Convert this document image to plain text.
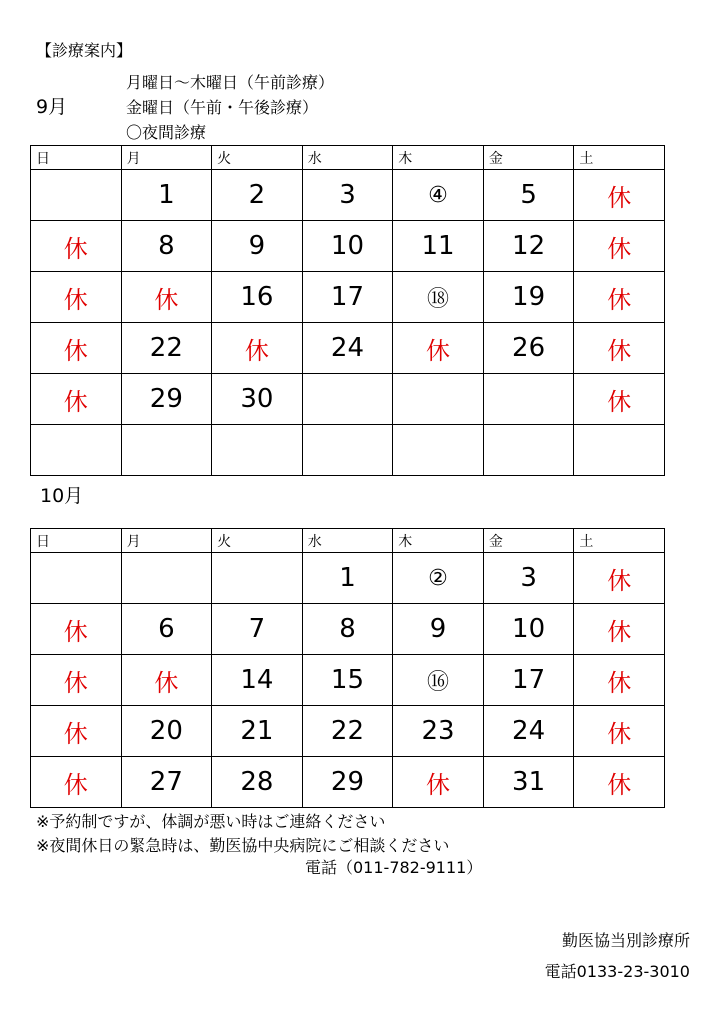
【診療案内】
月曜日～木曜日（午前診療）
9月	金曜日（午前・午後診療）
〇夜間診療
日	月	火	水	木	金	土
	1	2	3	④	5	休
休	8	9	10	11	12	休
休	休	16	17	⑱	19	休
休	22	休	24	休	26	休
休	29	30				休

10月
日	月	火	水	木	金	土
			1	②	3	休
休	6	7	8	9	10	休
休	休	14	15	⑯	17	休
休	20	21	22	23	24	休
休	27	28	29	休	31	休
※予約制ですが、体調が悪い時はご連絡ください
※夜間休日の緊急時は、勤医協中央病院にご相談ください
電話（011-782-9111）
勤医協当別診療所
電話0133-23-3010
